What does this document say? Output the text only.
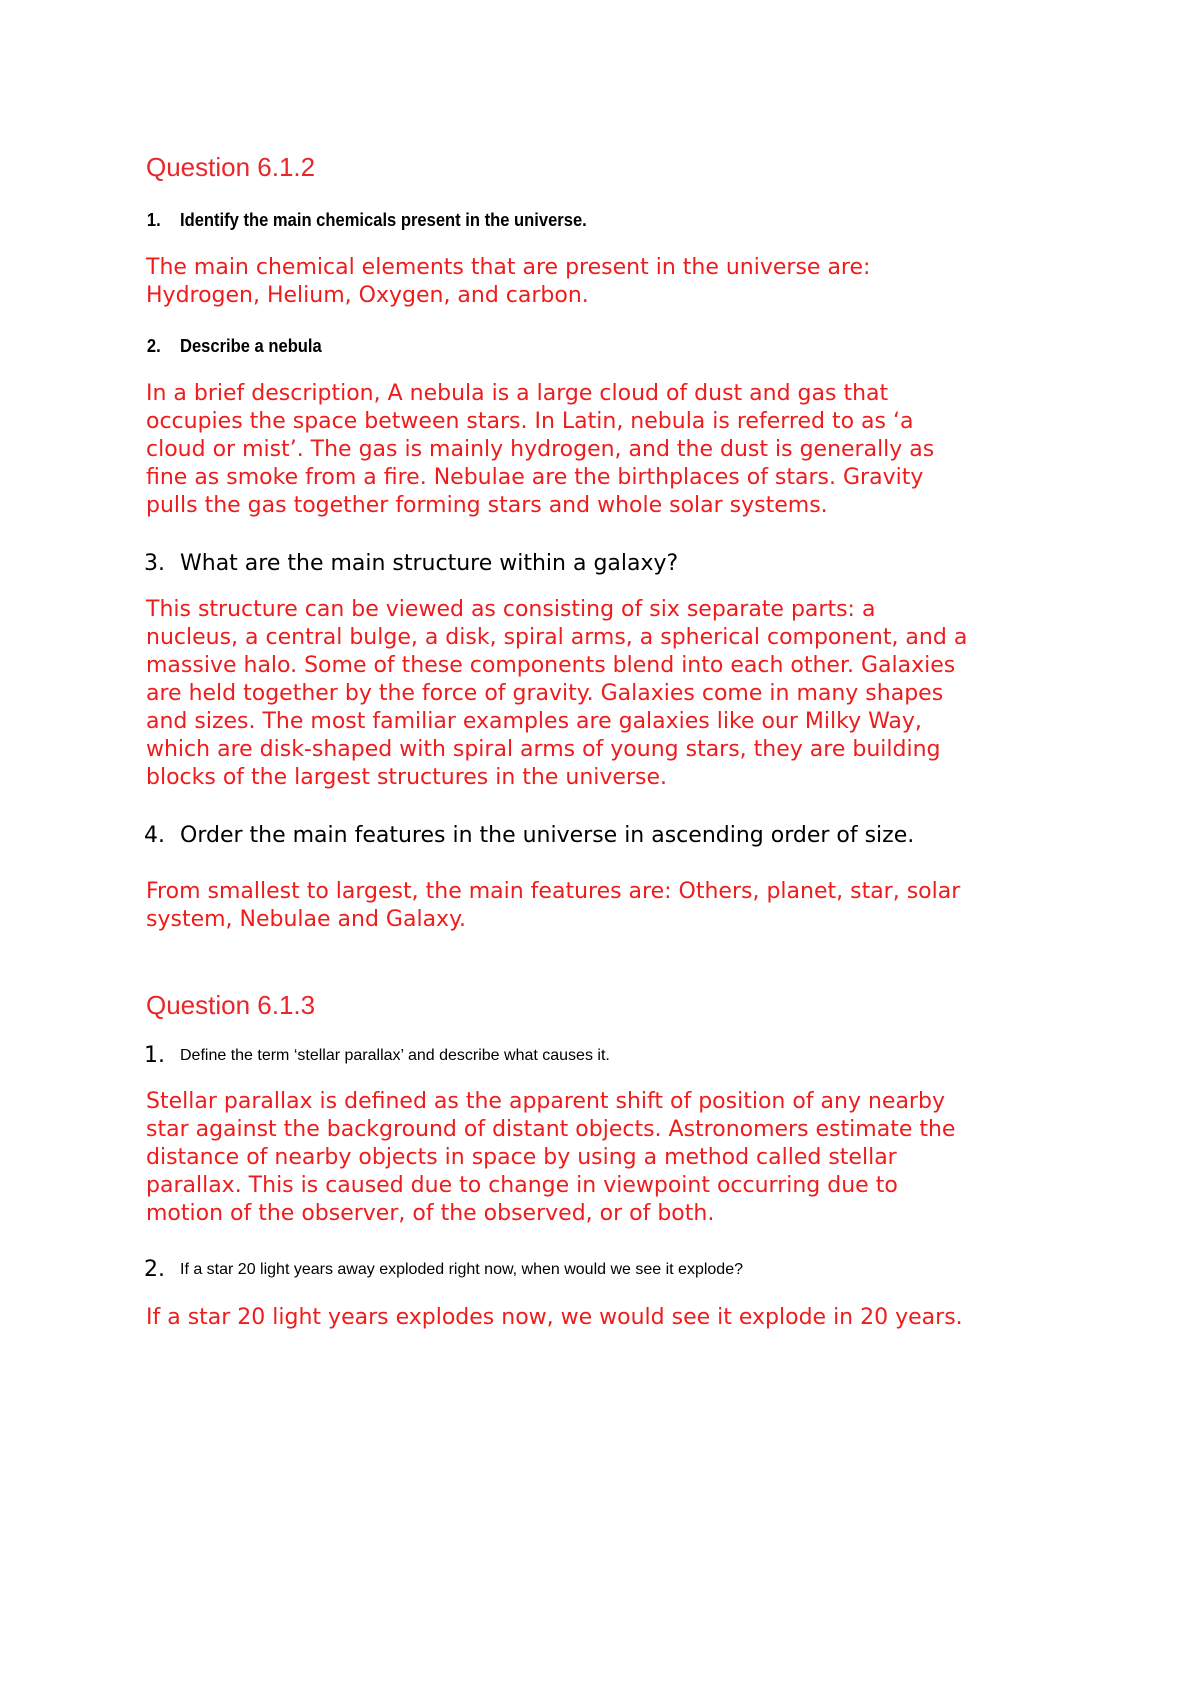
Question 6.1.2

1. Identify the main chemicals present in the universe.

The main chemical elements that are present in the universe are:
Hydrogen, Helium, Oxygen, and carbon.

2. Describe a nebula

In a brief description, A nebula is a large cloud of dust and gas that
occupies the space between stars. In Latin, nebula is referred to as ‘a
cloud or mist’. The gas is mainly hydrogen, and the dust is generally as
fine as smoke from a fire. Nebulae are the birthplaces of stars. Gravity
pulls the gas together forming stars and whole solar systems.

3. What are the main structure within a galaxy?

This structure can be viewed as consisting of six separate parts: a
nucleus, a central bulge, a disk, spiral arms, a spherical component, and a
massive halo. Some of these components blend into each other. Galaxies
are held together by the force of gravity. Galaxies come in many shapes
and sizes. The most familiar examples are galaxies like our Milky Way,
which are disk-shaped with spiral arms of young stars, they are building
blocks of the largest structures in the universe.

4. Order the main features in the universe in ascending order of size.

From smallest to largest, the main features are: Others, planet, star, solar
system, Nebulae and Galaxy.
Question 6.1.3

1. Define the term ‘stellar parallax’ and describe what causes it.

Stellar parallax is defined as the apparent shift of position of any nearby
star against the background of distant objects. Astronomers estimate the
distance of nearby objects in space by using a method called stellar
parallax. This is caused due to change in viewpoint occurring due to
motion of the observer, of the observed, or of both.

2. If a star 20 light years away exploded right now, when would we see it explode?

If a star 20 light years explodes now, we would see it explode in 20 years.
